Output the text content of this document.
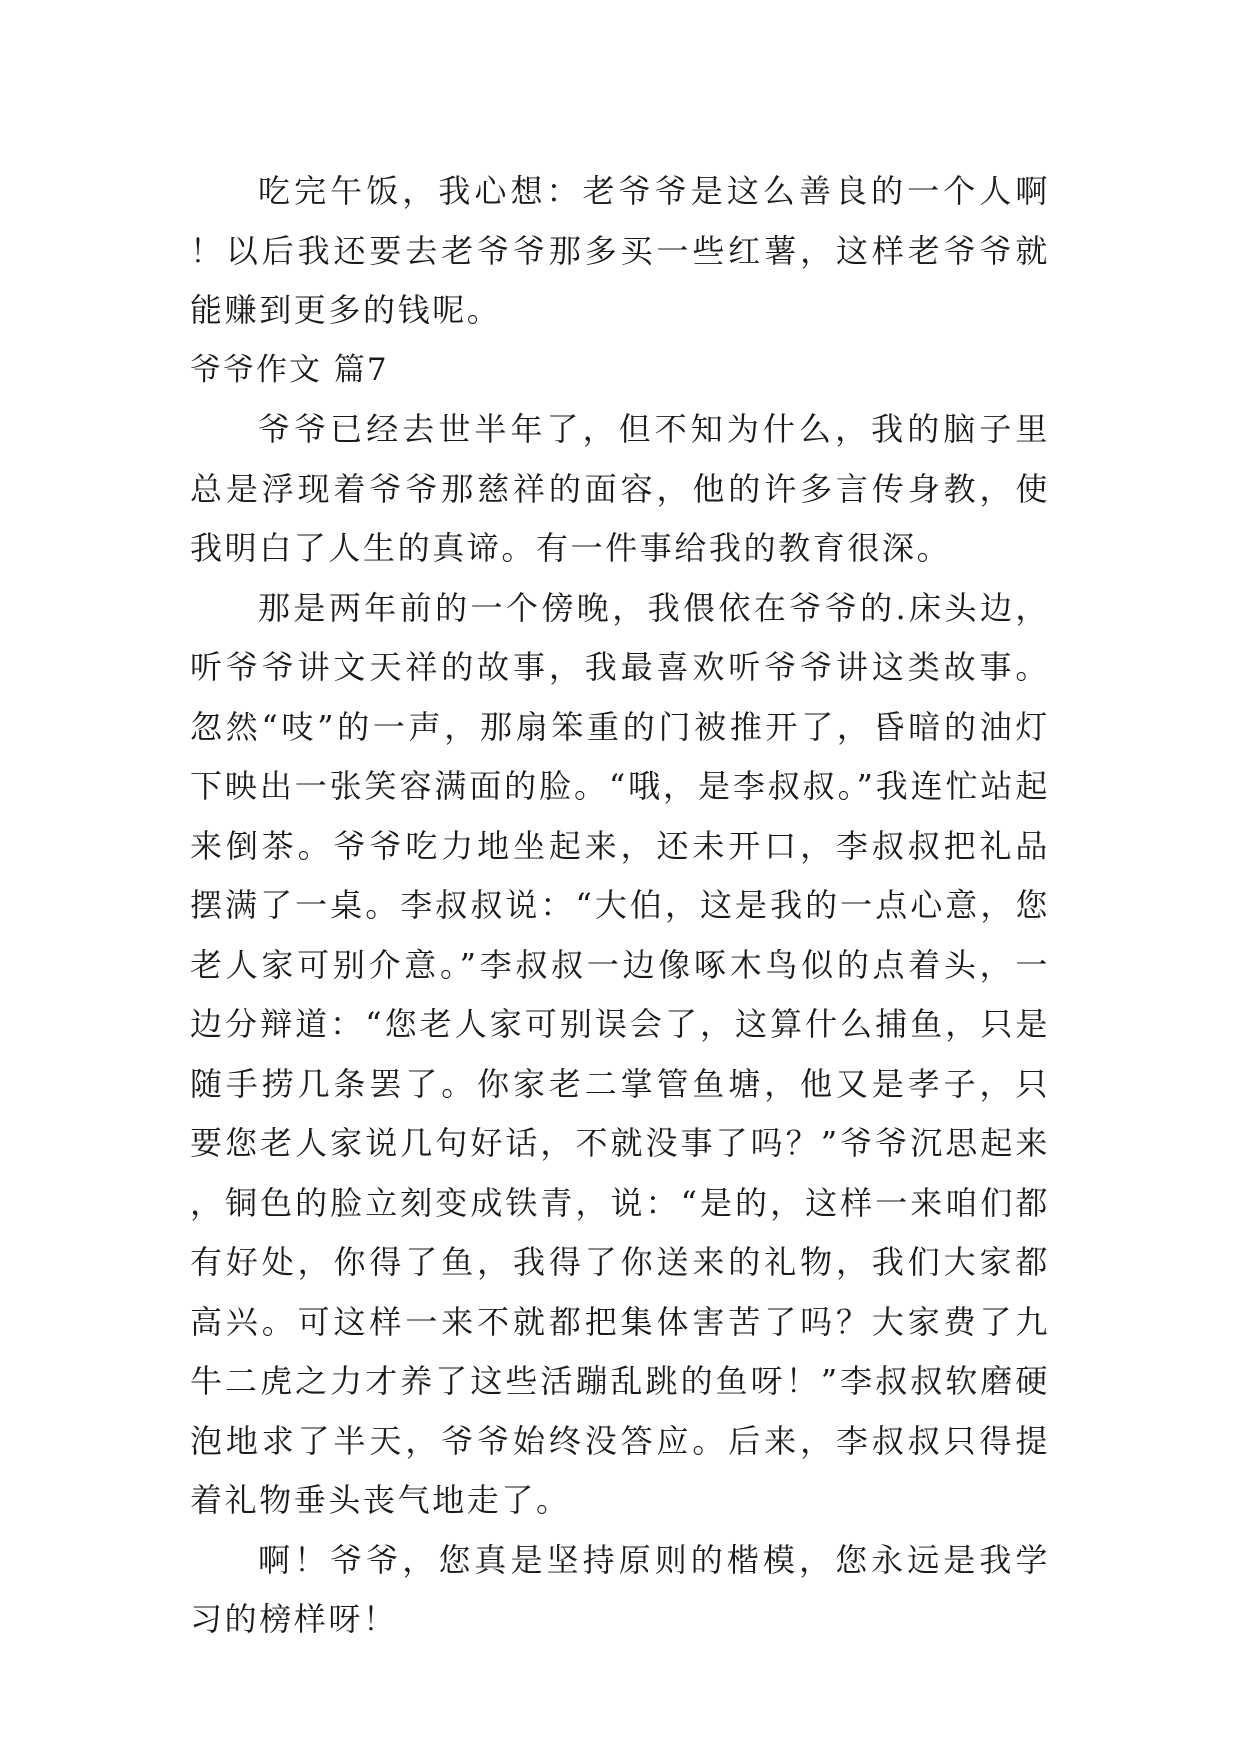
吃完午饭，我心想：老爷爷是这么善良的一个人啊！以后我还要去老爷爷那多买一些红薯，这样老爷爷就能赚到更多的钱呢。

爷爷作文 篇7

爷爷已经去世半年了，但不知为什么，我的脑子里总是浮现着爷爷那慈祥的面容，他的许多言传身教，使我明白了人生的真谛。有一件事给我的教育很深。

那是两年前的一个傍晚，我偎依在爷爷的.床头边，听爷爷讲文天祥的故事，我最喜欢听爷爷讲这类故事。忽然“吱”的一声，那扇笨重的门被推开了，昏暗的油灯下映出一张笑容满面的脸。“哦，是李叔叔。”我连忙站起来倒茶。爷爷吃力地坐起来，还未开口，李叔叔把礼品摆满了一桌。李叔叔说：“大伯，这是我的一点心意，您老人家可别介意。”李叔叔一边像啄木鸟似的点着头，一边分辩道：“您老人家可别误会了，这算什么捕鱼，只是随手捞几条罢了。你家老二掌管鱼塘，他又是孝子，只要您老人家说几句好话，不就没事了吗？”爷爷沉思起来，铜色的脸立刻变成铁青，说：“是的，这样一来咱们都有好处，你得了鱼，我得了你送来的礼物，我们大家都高兴。可这样一来不就都把集体害苦了吗？大家费了九牛二虎之力才养了这些活蹦乱跳的鱼呀！”李叔叔软磨硬泡地求了半天，爷爷始终没答应。后来，李叔叔只得提着礼物垂头丧气地走了。

啊！爷爷，您真是坚持原则的楷模，您永远是我学习的榜样呀！
